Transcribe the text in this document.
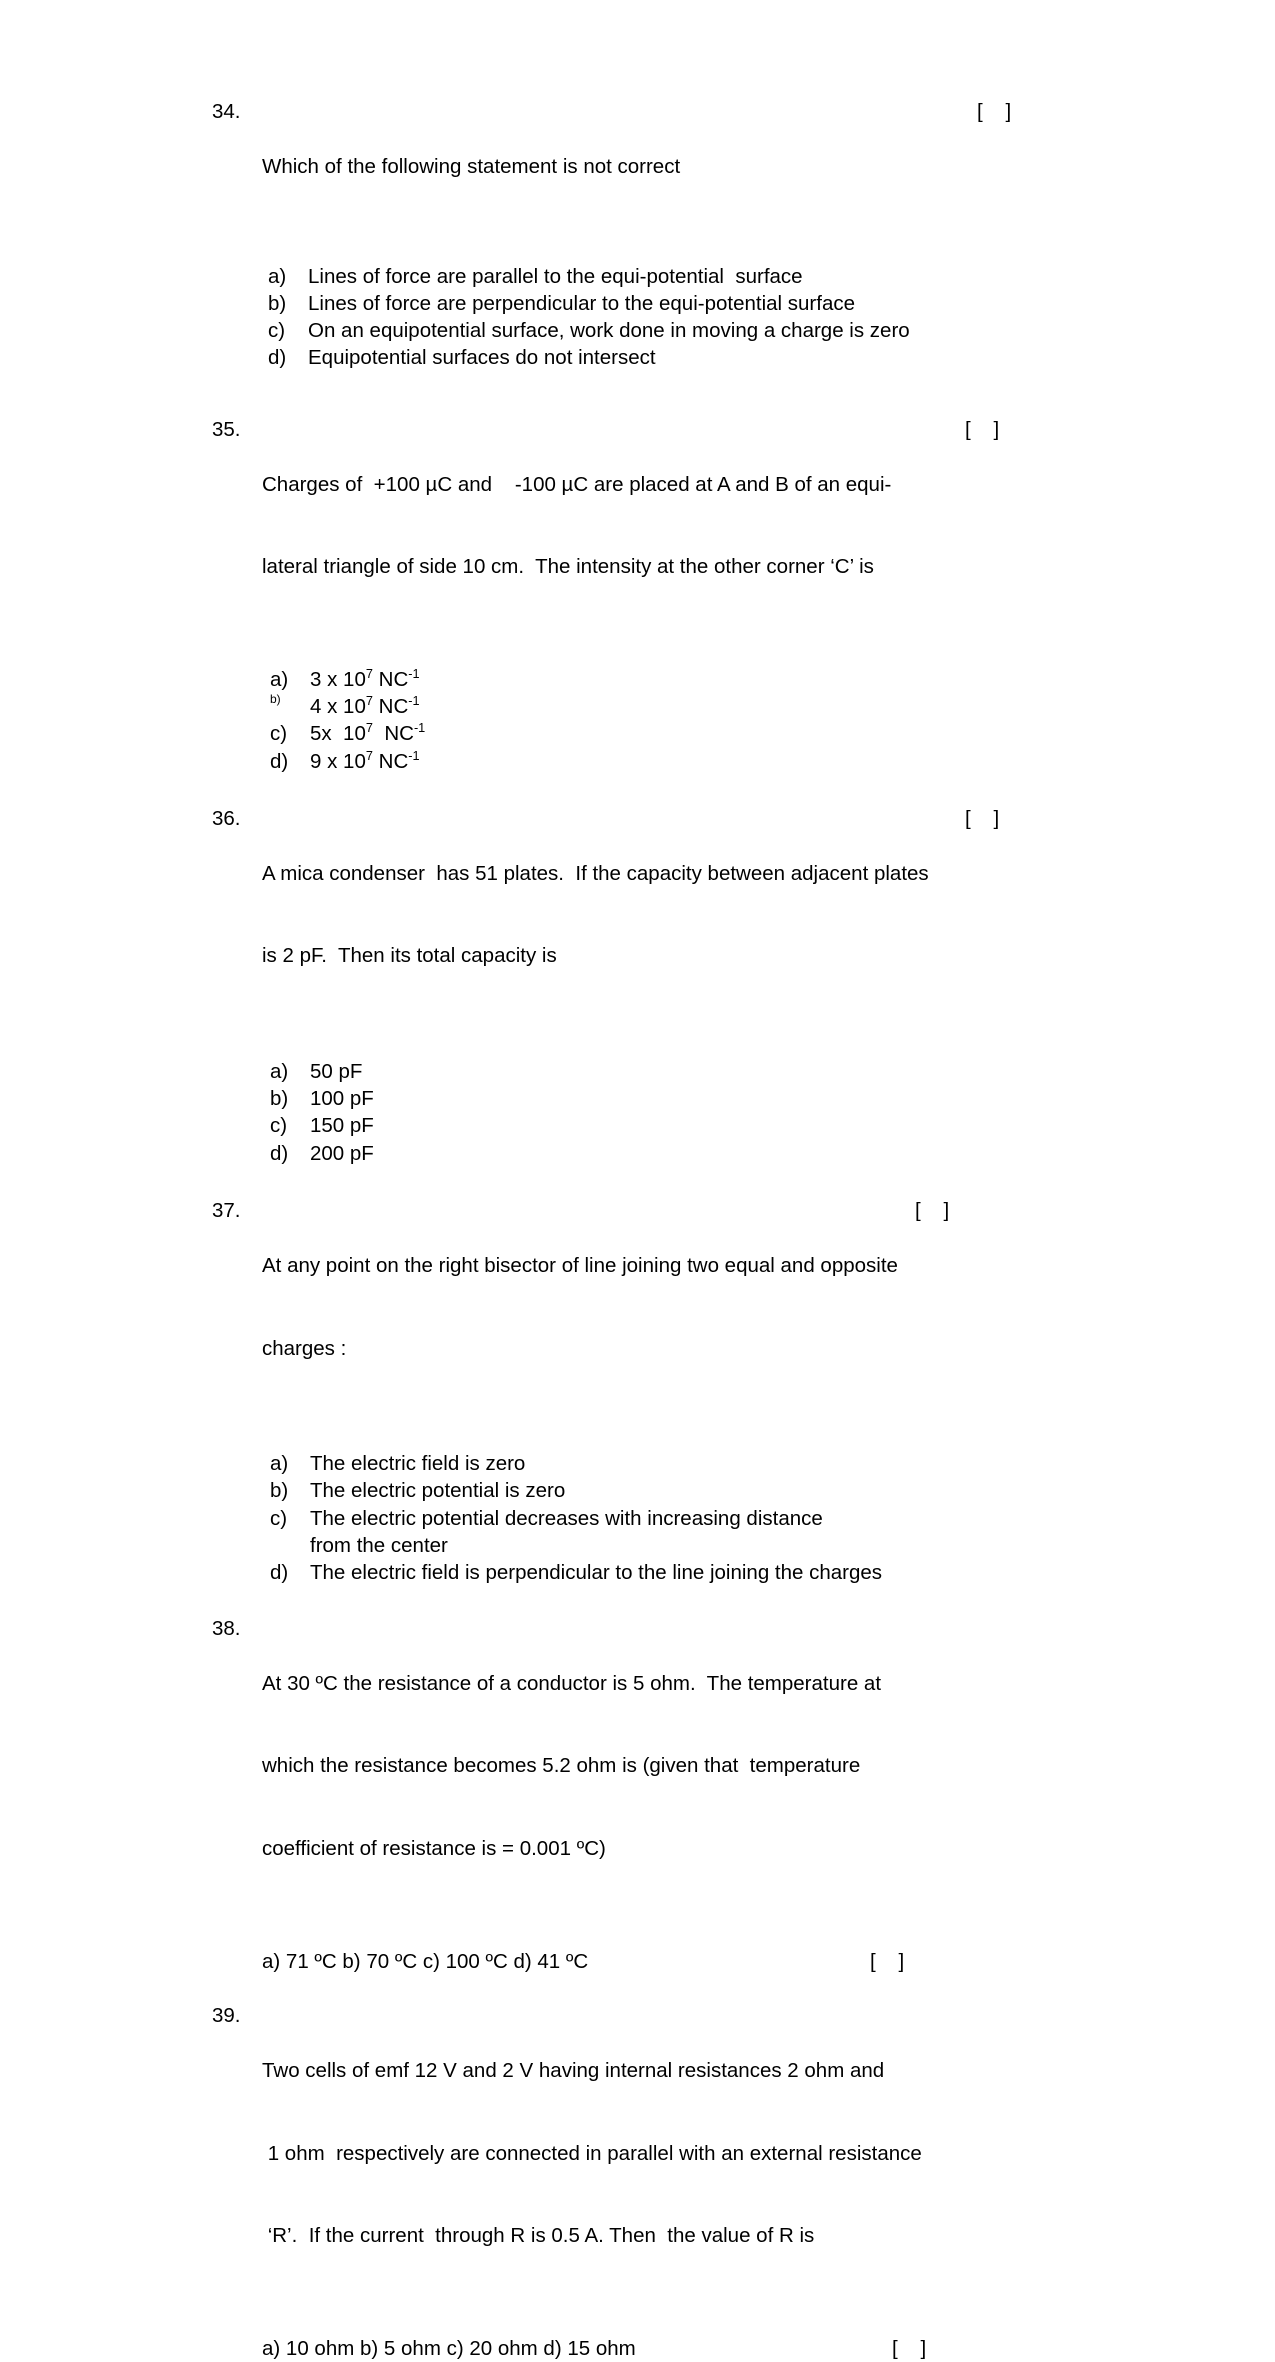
34.

Which of the following statement is not correct

a)	Lines of force are parallel to the equi-potential  surface
b)	Lines of force are perpendicular to the equi-potential surface
c)	On an equipotential surface, work done in moving a charge is zero
d)	Equipotential surfaces do not intersect
[    ]
35.

Charges of  +100 µC and    -100 µC are placed at A and B of an equi-

lateral triangle of side 10 cm.  The intensity at the other corner ‘C’ is

a)	3 x $10^7$ $NC^{-1}$
b)	4 x $10^7$ $NC^{-1}$
c)	5x  $10^7$  $NC^{-1}$
d)	9 x $10^7$ $NC^{-1}$
[    ]
36.

A mica condenser  has 51 plates.  If the capacity between adjacent plates

is 2 pF.  Then its total capacity is

a)	50 pF
b)	100 pF
c)	150 pF
d)	200 pF
[    ]
37.

At any point on the right bisector of line joining two equal and opposite

charges :

a)	The electric field is zero
b)	The electric potential is zero
c)	The electric potential decreases with increasing distance
from the center
d)	The electric field is perpendicular to the line joining the charges
[    ]
38.

At 30 ºC the resistance of a conductor is 5 ohm.  The temperature at

which the resistance becomes 5.2 ohm is (given that  temperature

coefficient of resistance is = 0.001 ºC)

a) 71 ºC b) 70 ºC c) 100 ºC d) 41 ºC	[    ]
39.

Two cells of emf 12 V and 2 V having internal resistances 2 ohm and

1 ohm  respectively are connected in parallel with an external resistance

‘R’.  If the current  through R is 0.5 A. Then  the value of R is

a) 10 ohm b) 5 ohm c) 20 ohm d) 15 ohm	[    ]
